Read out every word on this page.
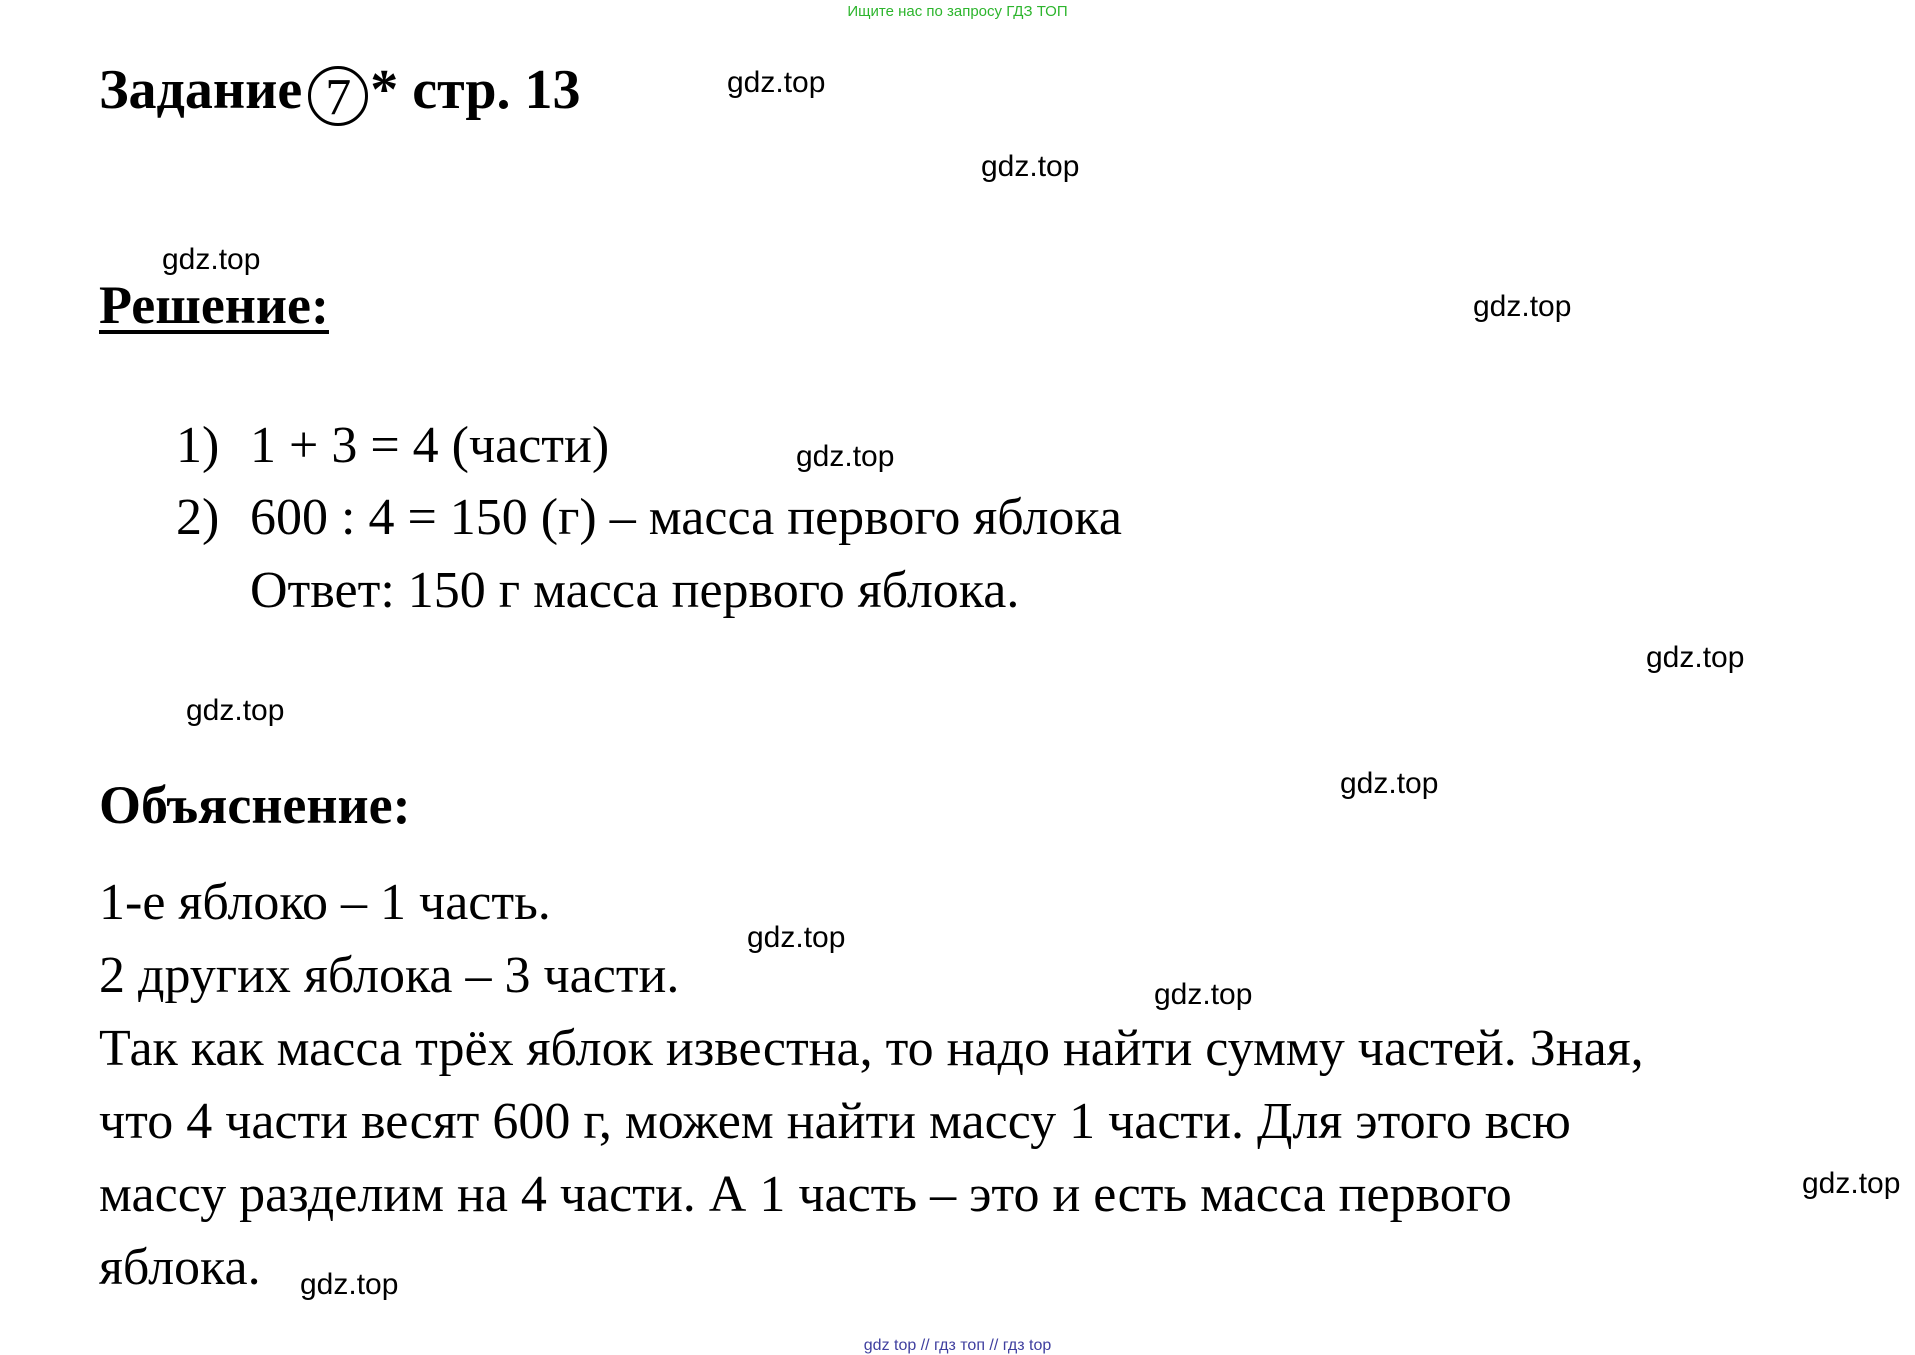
Ищите нас по запросу ГДЗ ТОП
Задание 7 * стр. 13
Решение:
1) 1 + 3 = 4 (части)
2) 600 : 4 = 150 (г) – масса первого яблока
Ответ: 150 г масса первого яблока.
Объяснение:
1-е яблоко – 1 часть.
2 других яблока – 3 части.
Так как масса трёх яблок известна, то надо найти сумму частей. Зная,
что 4 части весят 600 г, можем найти массу 1 части. Для этого всю
массу разделим на 4 части. А 1 часть – это и есть масса первого
яблока.
gdz.top
gdz.top
gdz.top
gdz.top
gdz.top
gdz.top
gdz.top
gdz.top
gdz.top
gdz.top
gdz.top
gdz.top
gdz top // гдз топ // гдз top
